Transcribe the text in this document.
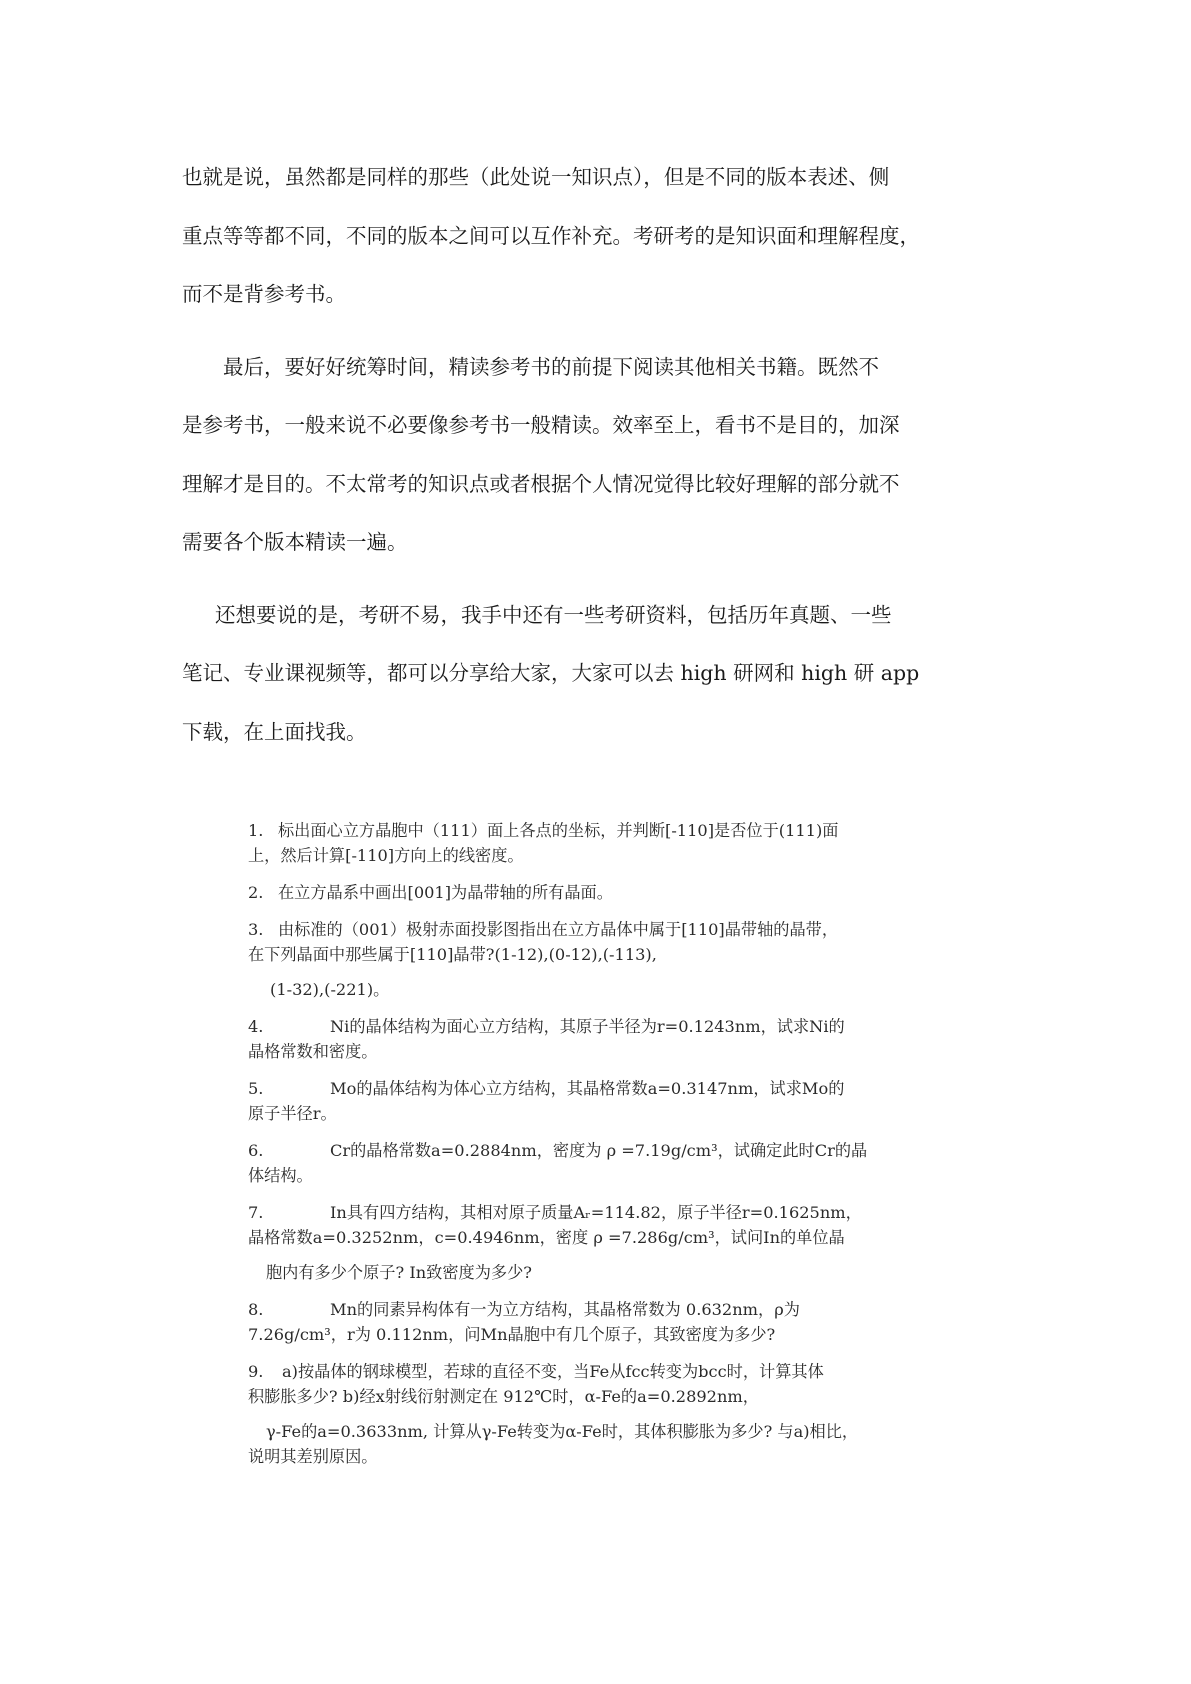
也就是说，虽然都是同样的那些（此处说一知识点），但是不同的版本表述、侧
重点等等都不同，不同的版本之间可以互作补充。考研考的是知识面和理解程度，
而不是背参考书。

最后，要好好统筹时间，精读参考书的前提下阅读其他相关书籍。既然不
是参考书，一般来说不必要像参考书一般精读。效率至上，看书不是目的，加深
理解才是目的。不太常考的知识点或者根据个人情况觉得比较好理解的部分就不
需要各个版本精读一遍。

还想要说的是，考研不易，我手中还有一些考研资料，包括历年真题、一些
笔记、专业课视频等，都可以分享给大家，大家可以去 high 研网和 high 研 app
下载，在上面找我。

1. 标出面心立方晶胞中（111）面上各点的坐标，并判断[-110]是否位于(111)面
上，然后计算[-110]方向上的线密度。
2. 在立方晶系中画出[001]为晶带轴的所有晶面。
3. 由标准的（001）极射赤面投影图指出在立方晶体中属于[110]晶带轴的晶带，
在下列晶面中那些属于[110]晶带?(1-12),(0-12),(-113),
(1-32),(-221)。
4.	Ni的晶体结构为面心立方结构，其原子半径为r=0.1243nm，试求Ni的
晶格常数和密度。
5.	Mo的晶体结构为体心立方结构，其晶格常数a=0.3147nm，试求Mo的
原子半径r。
6.	Cr的晶格常数a=0.2884nm，密度为 ρ =7.19g/cm³，试确定此时Cr的晶
体结构。
7.	In具有四方结构，其相对原子质量Aᵣ=114.82，原子半径r=0.1625nm，
晶格常数a=0.3252nm，c=0.4946nm，密度 ρ =7.286g/cm³，试问In的单位晶
胞内有多少个原子? In致密度为多少?
8.	Mn的同素异构体有一为立方结构，其晶格常数为 0.632nm，ρ为
7.26g/cm³，r为 0.112nm，问Mn晶胞中有几个原子，其致密度为多少?
9. a)按晶体的钢球模型，若球的直径不变，当Fe从fcc转变为bcc时，计算其体
积膨胀多少? b)经x射线衍射测定在 912℃时，α-Fe的a=0.2892nm，
γ-Fe的a=0.3633nm, 计算从γ-Fe转变为α-Fe时，其体积膨胀为多少? 与a)相比，
说明其差别原因。
